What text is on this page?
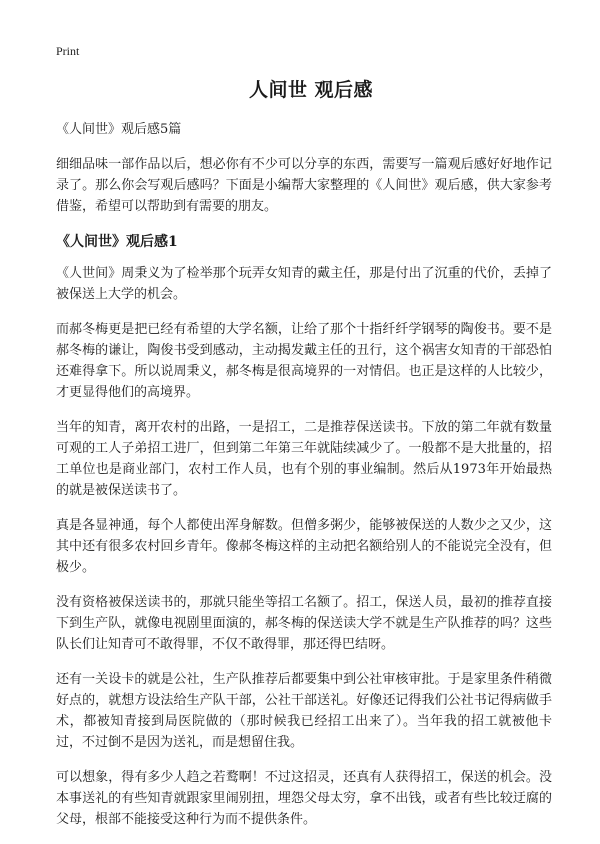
Print
人间世 观后感
《人间世》观后感5篇
细细品味一部作品以后，想必你有不少可以分享的东西，需要写一篇观后感好好地作记录了。那么你会写观后感吗？下面是小编帮大家整理的《人间世》观后感，供大家参考借鉴，希望可以帮助到有需要的朋友。
《人间世》观后感1
《人世间》周秉义为了检举那个玩弄女知青的戴主任，那是付出了沉重的代价，丢掉了被保送上大学的机会。
而郝冬梅更是把已经有希望的大学名额，让给了那个十指纤纤学钢琴的陶俊书。要不是郝冬梅的谦让，陶俊书受到感动，主动揭发戴主任的丑行，这个祸害女知青的干部恐怕还难得拿下。所以说周秉义，郝冬梅是很高境界的一对情侣。也正是这样的人比较少，才更显得他们的高境界。
当年的知青，离开农村的出路，一是招工，二是推荐保送读书。下放的第二年就有数量可观的工人子弟招工进厂，但到第二年第三年就陆续减少了。一般都不是大批量的，招工单位也是商业部门，农村工作人员，也有个别的事业编制。然后从1973年开始最热的就是被保送读书了。
真是各显神通，每个人都使出浑身解数。但僧多粥少，能够被保送的人数少之又少，这其中还有很多农村回乡青年。像郝冬梅这样的主动把名额给别人的不能说完全没有，但极少。
没有资格被保送读书的，那就只能坐等招工名额了。招工，保送人员，最初的推荐直接下到生产队，就像电视剧里面演的，郝冬梅的保送读大学不就是生产队推荐的吗？这些队长们让知青可不敢得罪，不仅不敢得罪，那还得巴结呀。
还有一关设卡的就是公社，生产队推荐后都要集中到公社审核审批。于是家里条件稍微好点的，就想方设法给生产队干部，公社干部送礼。好像还记得我们公社书记得病做手术，都被知青接到局医院做的（那时候我已经招工出来了）。当年我的招工就被他卡过，不过倒不是因为送礼，而是想留住我。
可以想象，得有多少人趋之若鹜啊！不过这招灵，还真有人获得招工，保送的机会。没本事送礼的有些知青就跟家里闹别扭，埋怨父母太穷，拿不出钱，或者有些比较迂腐的父母，根部不能接受这种行为而不提供条件。
